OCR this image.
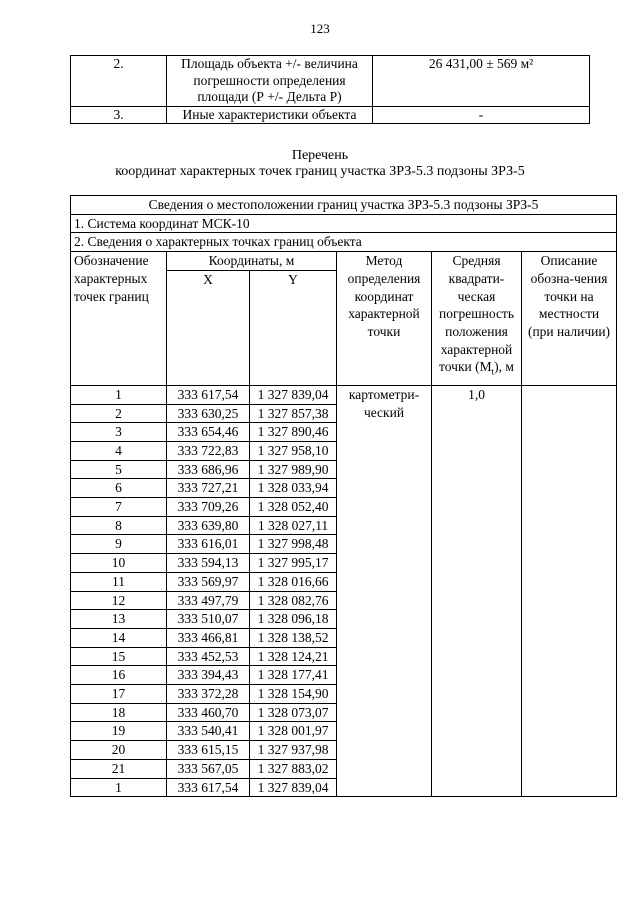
123
2.	Площадь объекта +/- величина погрешности определения площади (Р +/- Дельта Р)	26 431,00 ± 569 м²
3.	Иные характеристики объекта	-
Перечень
координат характерных точек границ участка ЗРЗ-5.3 подзоны ЗРЗ-5
Сведения о местоположении границ участка ЗРЗ-5.3 подзоны ЗРЗ-5					
1. Система координат МСК-10					
2. Сведения о характерных точках границ объекта					
Обозначение характерных точек границ	Координаты, м		Метод определения координат характерной точки	Средняя квадрати-ческая погрешность положения характерной точки $(M_t)$, м	Описание обозна-чения точки на местности (при наличии)
	X	Y			
1	333 617,54	1 327 839,04	картометри-ческий	1,0	
2	333 630,25	1 327 857,38			
3	333 654,46	1 327 890,46			
4	333 722,83	1 327 958,10			
5	333 686,96	1 327 989,90			
6	333 727,21	1 328 033,94			
7	333 709,26	1 328 052,40			
8	333 639,80	1 328 027,11			
9	333 616,01	1 327 998,48			
10	333 594,13	1 327 995,17			
11	333 569,97	1 328 016,66			
12	333 497,79	1 328 082,76			
13	333 510,07	1 328 096,18			
14	333 466,81	1 328 138,52			
15	333 452,53	1 328 124,21			
16	333 394,43	1 328 177,41			
17	333 372,28	1 328 154,90			
18	333 460,70	1 328 073,07			
19	333 540,41	1 328 001,97			
20	333 615,15	1 327 937,98			
21	333 567,05	1 327 883,02			
1	333 617,54	1 327 839,04			
